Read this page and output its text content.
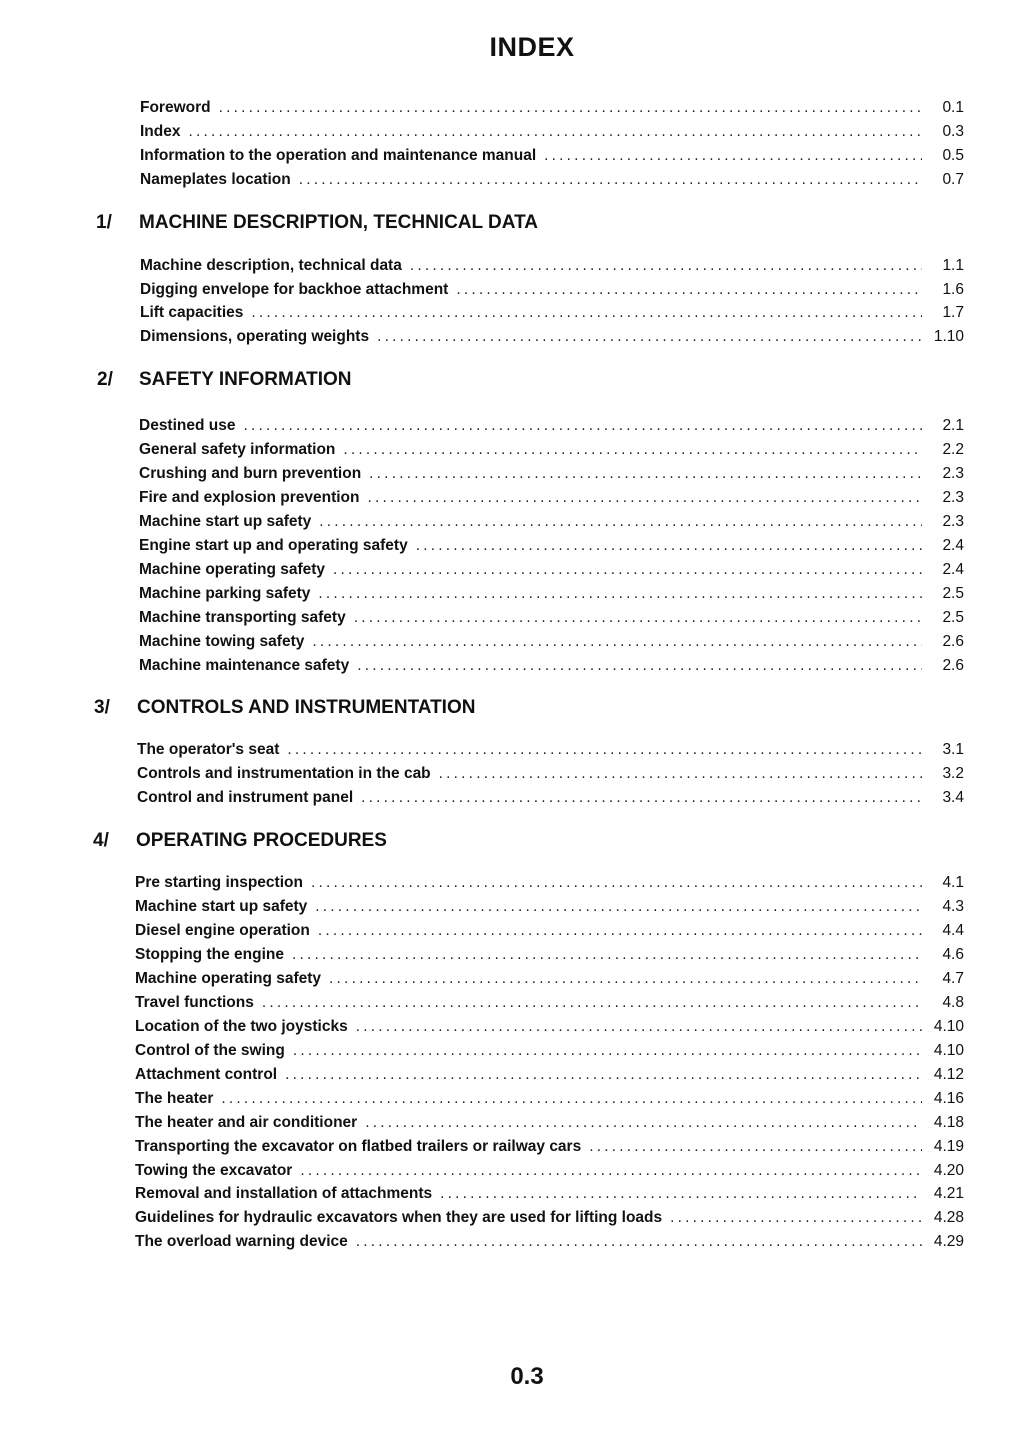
INDEX
Foreword .....	0.1
Index .....	0.3
Information to the operation and maintenance manual .....	0.5
Nameplates location .....	0.7
1/ MACHINE DESCRIPTION, TECHNICAL DATA
Machine description, technical data .....	1.1
Digging envelope for backhoe attachment .....	1.6
Lift capacities .....	1.7
Dimensions, operating weights .....	1.10
2/ SAFETY INFORMATION
Destined use .....	2.1
General safety information .....	2.2
Crushing and burn prevention .....	2.3
Fire and explosion prevention .....	2.3
Machine start up safety .....	2.3
Engine start up and operating safety .....	2.4
Machine operating safety .....	2.4
Machine parking safety .....	2.5
Machine transporting safety .....	2.5
Machine towing safety .....	2.6
Machine maintenance safety .....	2.6
3/ CONTROLS AND INSTRUMENTATION
The operator's seat .....	3.1
Controls and instrumentation in the cab .....	3.2
Control and instrument panel .....	3.4
4/ OPERATING PROCEDURES
Pre starting inspection .....	4.1
Machine start up safety .....	4.3
Diesel engine operation .....	4.4
Stopping the engine .....	4.6
Machine operating safety .....	4.7
Travel functions .....	4.8
Location of the two joysticks .....	4.10
Control of the swing .....	4.10
Attachment control .....	4.12
The heater .....	4.16
The heater and air conditioner .....	4.18
Transporting the excavator on flatbed trailers or railway cars .....	4.19
Towing the excavator .....	4.20
Removal and installation of attachments .....	4.21
Guidelines for hydraulic excavators when they are used for lifting loads .....	4.28
The overload warning device .....	4.29
0.3
